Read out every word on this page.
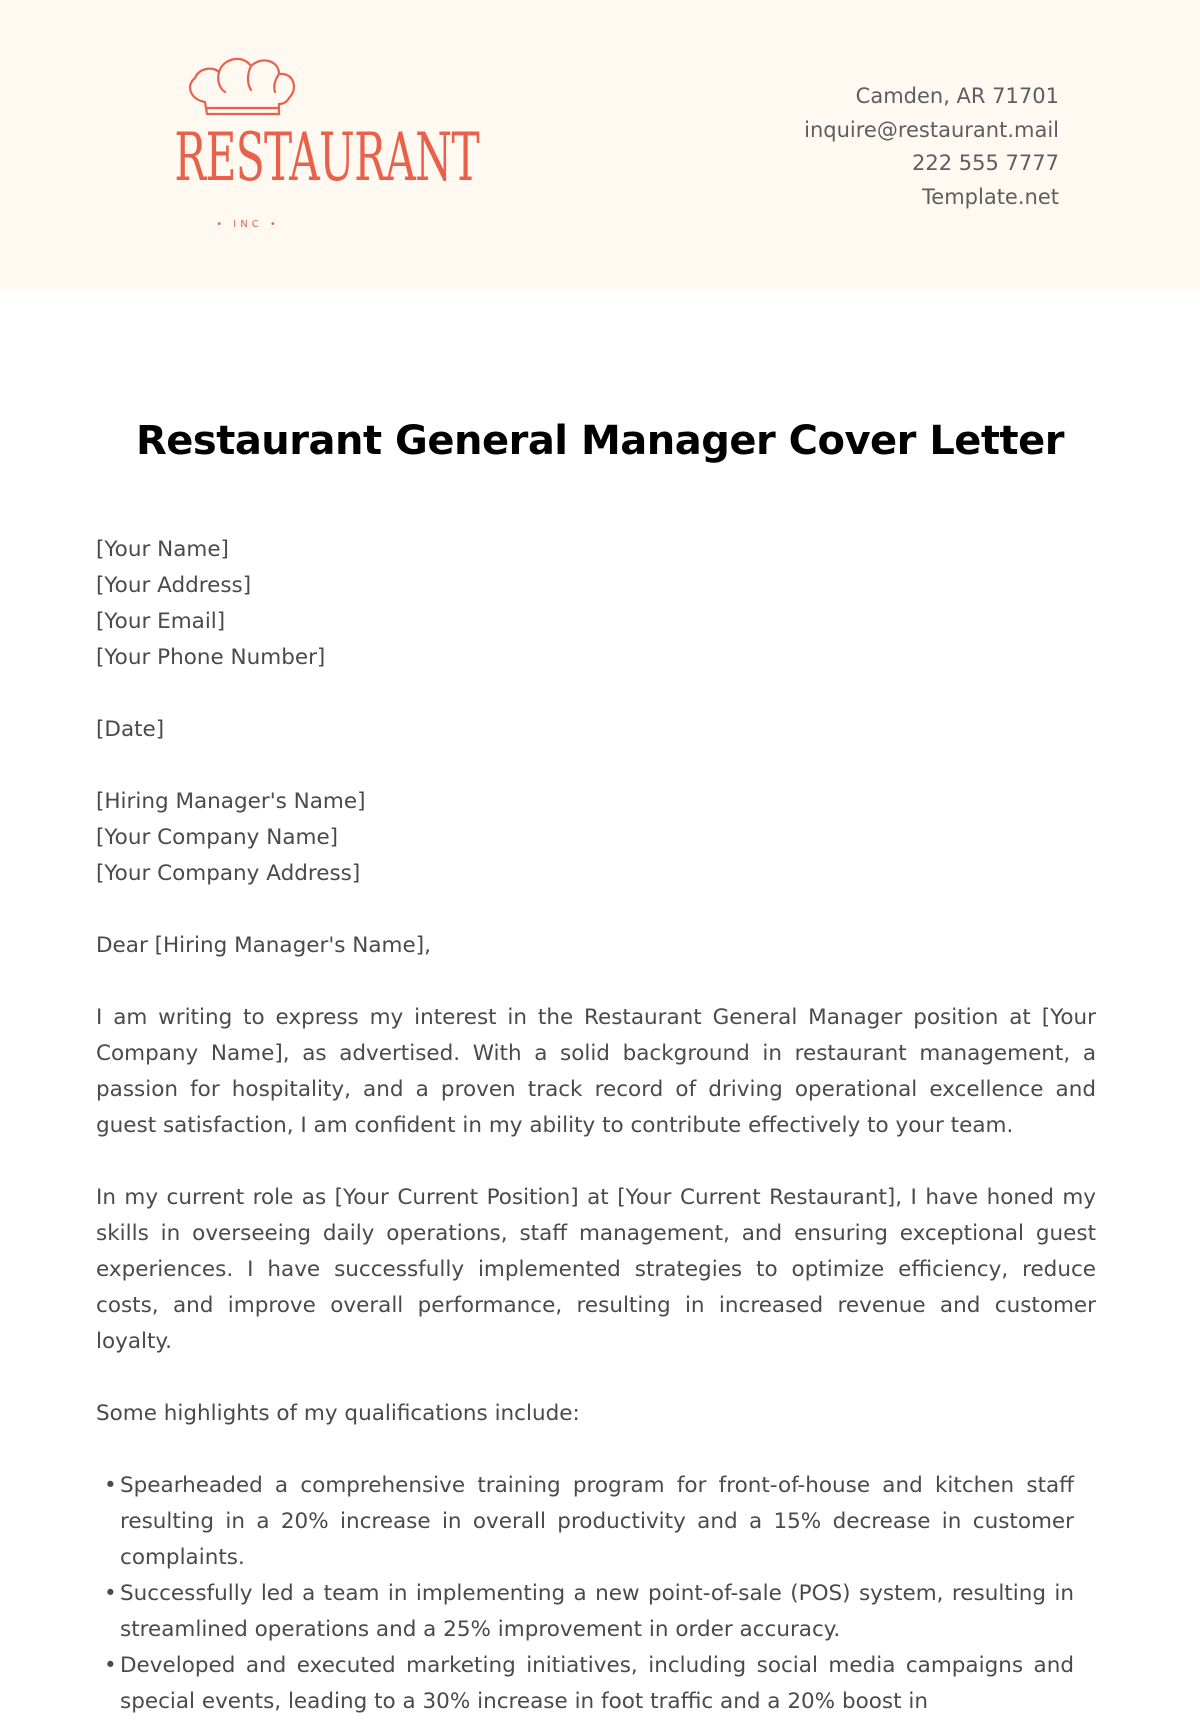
RESTAURANT
• INC •
Camden, AR 71701
inquire@restaurant.mail
222 555 7777
Template.net
Restaurant General Manager Cover Letter
[Your Name]
[Your Address]
[Your Email]
[Your Phone Number]
[Date]
[Hiring Manager's Name]
[Your Company Name]
[Your Company Address]
Dear [Hiring Manager's Name],

I am writing to express my interest in the Restaurant General Manager position at [Your Company Name], as advertised. With a solid background in restaurant management, a passion for hospitality, and a proven track record of driving operational excellence and guest satisfaction, I am confident in my ability to contribute effectively to your team.

In my current role as [Your Current Position] at [Your Current Restaurant], I have honed my skills in overseeing daily operations, staff management, and ensuring exceptional guest experiences. I have successfully implemented strategies to optimize efficiency, reduce costs, and improve overall performance, resulting in increased revenue and customer loyalty.

Some highlights of my qualifications include:
• Spearheaded a comprehensive training program for front-of-house and kitchen staff resulting in a 20% increase in overall productivity and a 15% decrease in customer complaints.
• Successfully led a team in implementing a new point-of-sale (POS) system, resulting in streamlined operations and a 25% improvement in order accuracy.
• Developed and executed marketing initiatives, including social media campaigns and special events, leading to a 30% increase in foot traffic and a 20% boost in
